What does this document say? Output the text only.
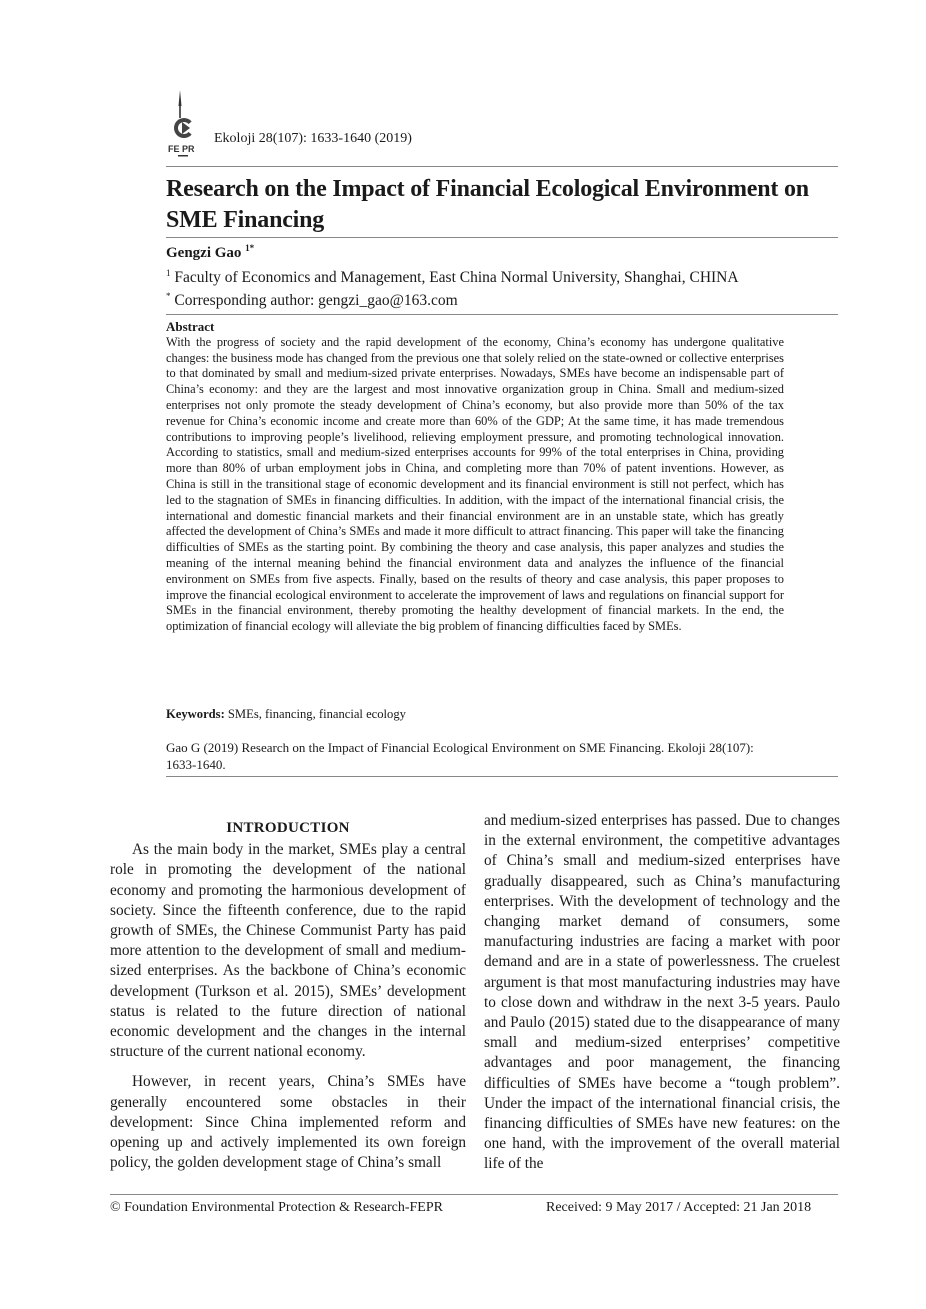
FE PR
Ekoloji 28(107): 1633-1640 (2019)
Research on the Impact of Financial Ecological Environment on SME Financing
Gengzi Gao $^{1*}$
$^1$ Faculty of Economics and Management, East China Normal University, Shanghai, CHINA
* Corresponding author: gengzi_gao@163.com
Abstract
With the progress of society and the rapid development of the economy, China’s economy has undergone qualitative changes: the business mode has changed from the previous one that solely relied on the state-owned or collective enterprises to that dominated by small and medium-sized private enterprises. Nowadays, SMEs have become an indispensable part of China’s economy: and they are the largest and most innovative organization group in China. Small and medium-sized enterprises not only promote the steady development of China’s economy, but also provide more than 50% of the tax revenue for China’s economic income and create more than 60% of the GDP; At the same time, it has made tremendous contributions to improving people’s livelihood, relieving employment pressure, and promoting technological innovation. According to statistics, small and medium-sized enterprises accounts for 99% of the total enterprises in China, providing more than 80% of urban employment jobs in China, and completing more than 70% of patent inventions. However, as China is still in the transitional stage of economic development and its financial environment is still not perfect, which has led to the stagnation of SMEs in financing difficulties. In addition, with the impact of the international financial crisis, the international and domestic financial markets and their financial environment are in an unstable state, which has greatly affected the development of China’s SMEs and made it more difficult to attract financing. This paper will take the financing difficulties of SMEs as the starting point. By combining the theory and case analysis, this paper analyzes and studies the meaning of the internal meaning behind the financial environment data and analyzes the influence of the financial environment on SMEs from five aspects. Finally, based on the results of theory and case analysis, this paper proposes to improve the financial ecological environment to accelerate the improvement of laws and regulations on financial support for SMEs in the financial environment, thereby promoting the healthy development of financial markets. In the end, the optimization of financial ecology will alleviate the big problem of financing difficulties faced by SMEs.
Keywords: SMEs, financing, financial ecology
Gao G (2019) Research on the Impact of Financial Ecological Environment on SME Financing. Ekoloji 28(107): 1633-1640.
INTRODUCTION

As the main body in the market, SMEs play a central role in promoting the development of the national economy and promoting the harmonious development of society. Since the fifteenth conference, due to the rapid growth of SMEs, the Chinese Communist Party has paid more attention to the development of small and medium-sized enterprises. As the backbone of China’s economic development (Turkson et al. 2015), SMEs’ development status is related to the future direction of national economic development and the changes in the internal structure of the current national economy.

However, in recent years, China’s SMEs have generally encountered some obstacles in their development: Since China implemented reform and opening up and actively implemented its own foreign policy, the golden development stage of China’s small

and medium-sized enterprises has passed. Due to changes in the external environment, the competitive advantages of China’s small and medium-sized enterprises have gradually disappeared, such as China’s manufacturing enterprises. With the development of technology and the changing market demand of consumers, some manufacturing industries are facing a market with poor demand and are in a state of powerlessness. The cruelest argument is that most manufacturing industries may have to close down and withdraw in the next 3-5 years. Paulo and Paulo (2015) stated due to the disappearance of many small and medium-sized enterprises’ competitive advantages and poor management, the financing difficulties of SMEs have become a “tough problem”. Under the impact of the international financial crisis, the financing difficulties of SMEs have new features: on the one hand, with the improvement of the overall material life of the

© Foundation Environmental Protection & Research-FEPR	Received: 9 May 2017 / Accepted: 21 Jan 2018
